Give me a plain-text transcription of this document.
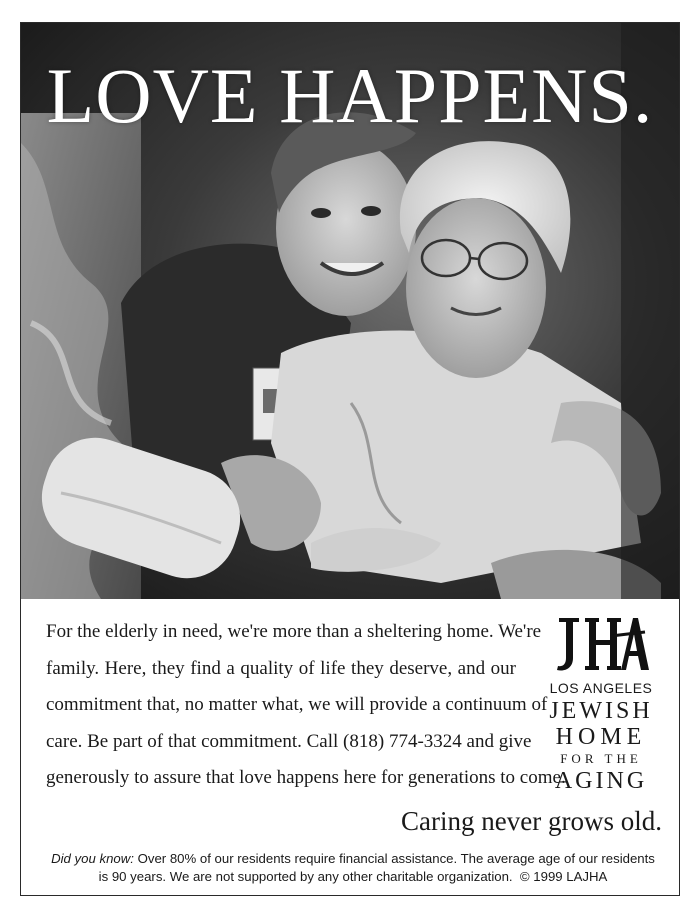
LOVE HAPPENS.

For the elderly in need, we're more than a sheltering home. We're
family. Here, they find a quality of life they deserve, and our
commitment that, no matter what, we will provide a continuum of
care. Be part of that commitment. Call (818) 774-3324 and give
generously to assure that love happens here for generations to come.

LOS ANGELES
JEWISH
HOME
FOR THE
AGING

Caring never grows old.

Did you know: Over 80% of our residents require financial assistance. The average age of our residents is 90 years. We are not supported by any other charitable organization. © 1999 LAJHA
